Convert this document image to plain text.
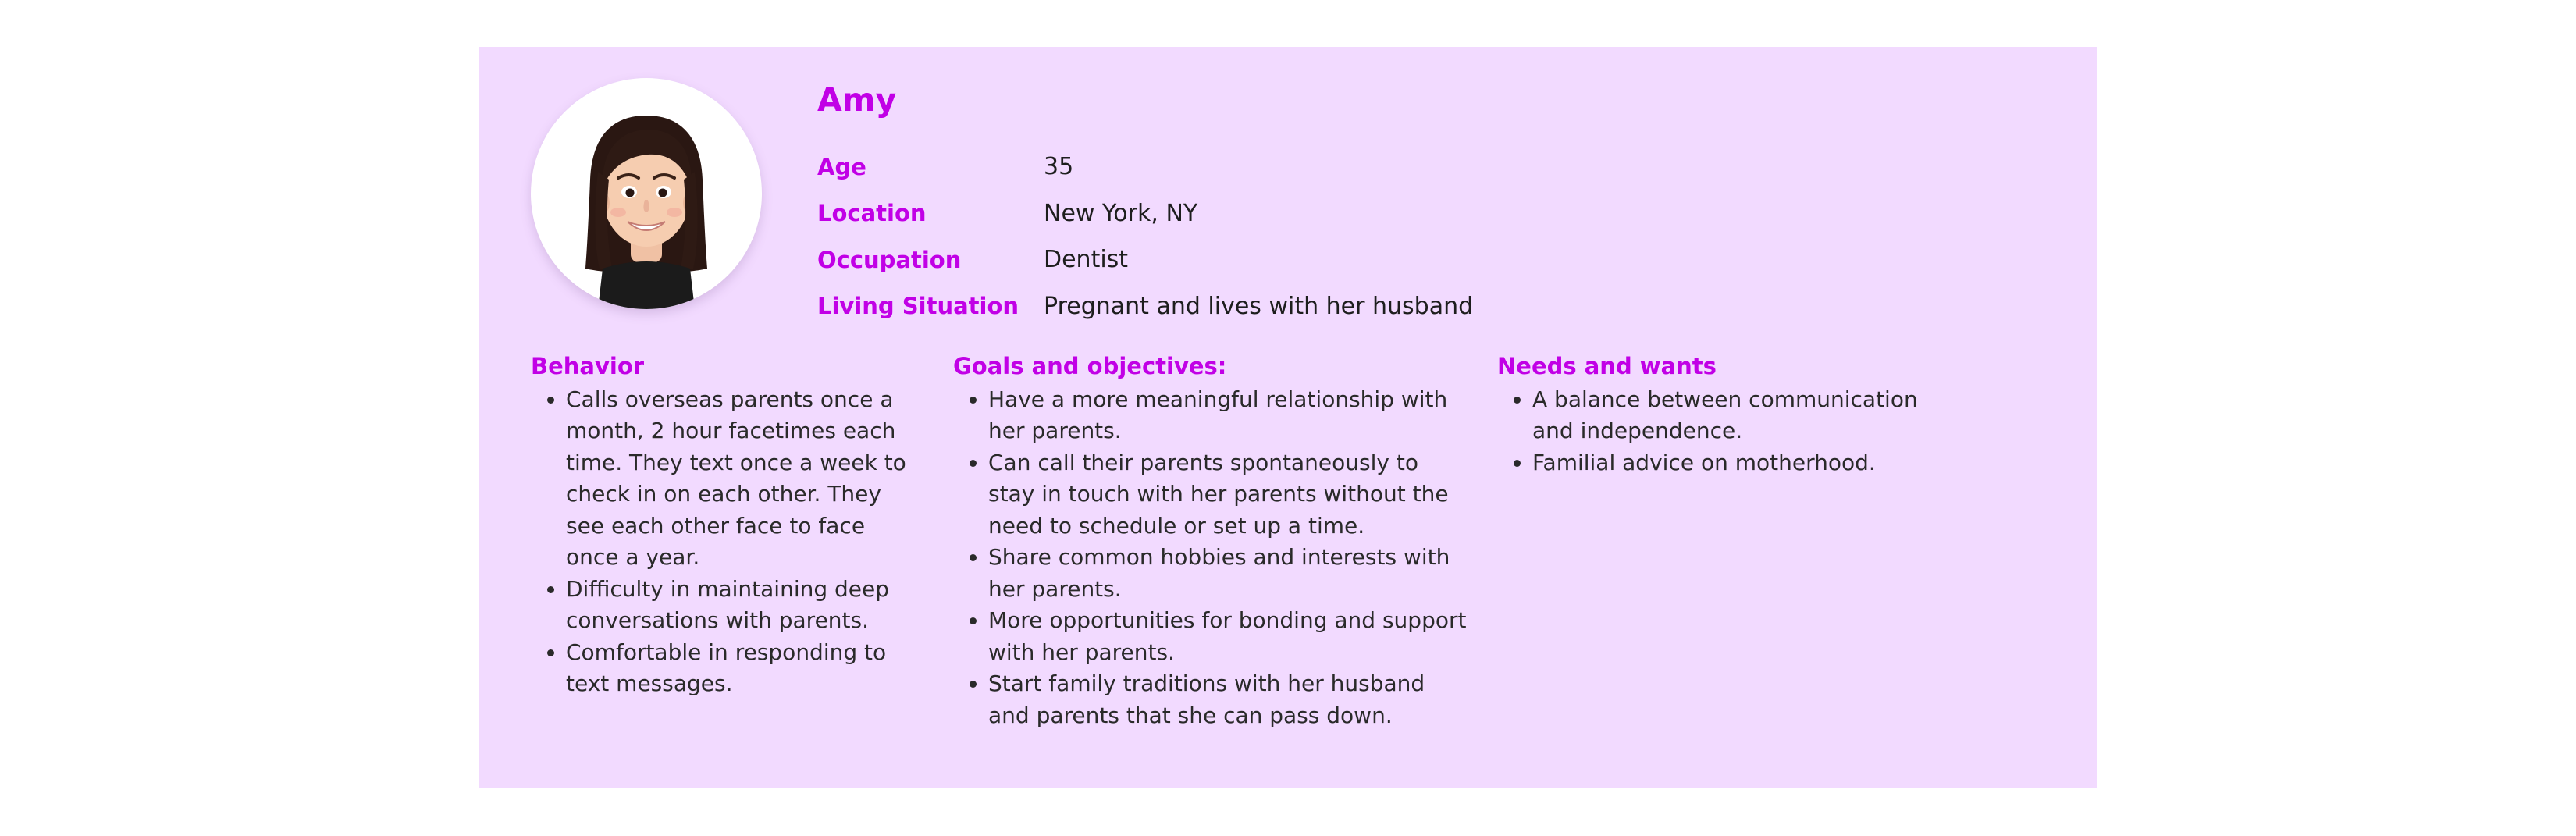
Amy
Age	35
Location	New York, NY
Occupation	Dentist
Living Situation	Pregnant and lives with her husband
Behavior
• Calls overseas parents once a month, 2 hour facetimes each time. They text once a week to check in on each other. They see each other face to face once a year.
• Difficulty in maintaining deep conversations with parents.
• Comfortable in responding to text messages.
Goals and objectives:
• Have a more meaningful relationship with her parents.
• Can call their parents spontaneously to stay in touch with her parents without the need to schedule or set up a time.
• Share common hobbies and interests with her parents.
• More opportunities for bonding and support with her parents.
• Start family traditions with her husband and parents that she can pass down.
Needs and wants
• A balance between communication and independence.
• Familial advice on motherhood.
